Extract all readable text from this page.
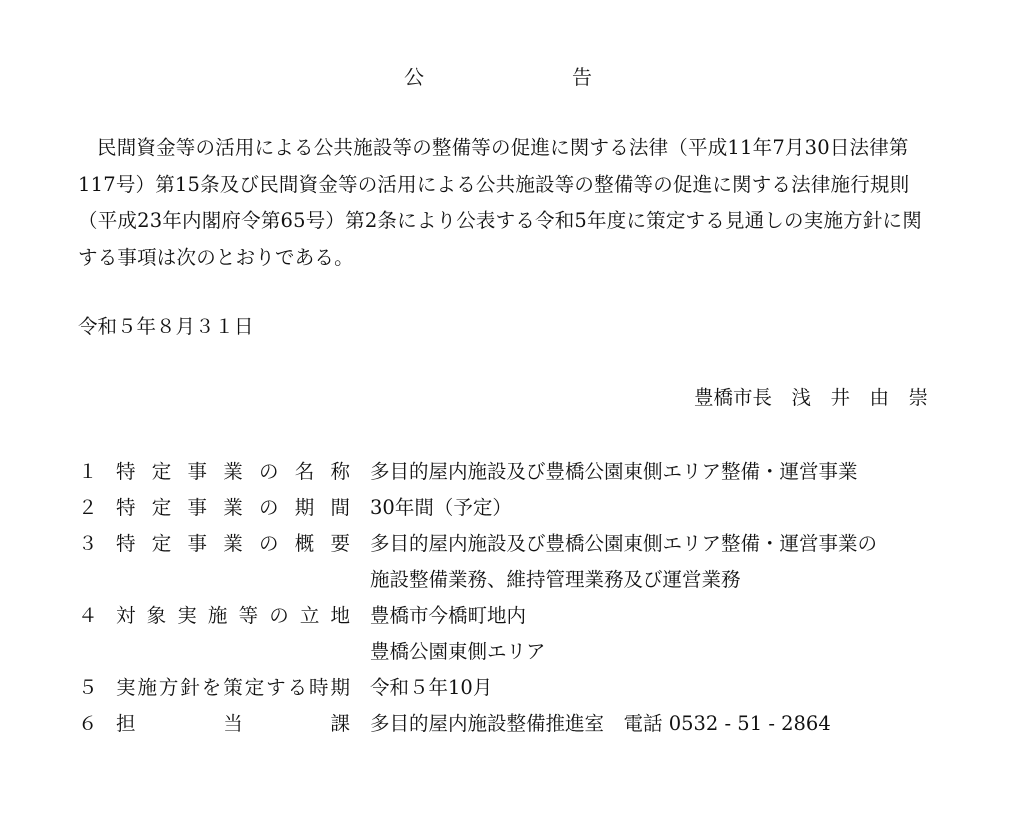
公	告
民間資金等の活用による公共施設等の整備等の促進に関する法律（平成11年7月30日法律第117号）第15条及び民間資金等の活用による公共施設等の整備等の促進に関する法律施行規則（平成23年内閣府令第65号）第2条により公表する令和5年度に策定する見通しの実施方針に関する事項は次のとおりである。
令和５年８月３１日
豊橋市長　浅　井　由　崇
１ 特定事業の名称 多目的屋内施設及び豊橋公園東側エリア整備・運営事業
２ 特定事業の期間 30年間（予定）
３ 特定事業の概要 多目的屋内施設及び豊橋公園東側エリア整備・運営事業の
施設整備業務、維持管理業務及び運営業務
４ 対象実施等の立地 豊橋市今橋町地内
豊橋公園東側エリア
５ 実施方針を策定する時期 令和５年10月
６ 担当課 多目的屋内施設整備推進室　電話 0532 - 51 - 2864
